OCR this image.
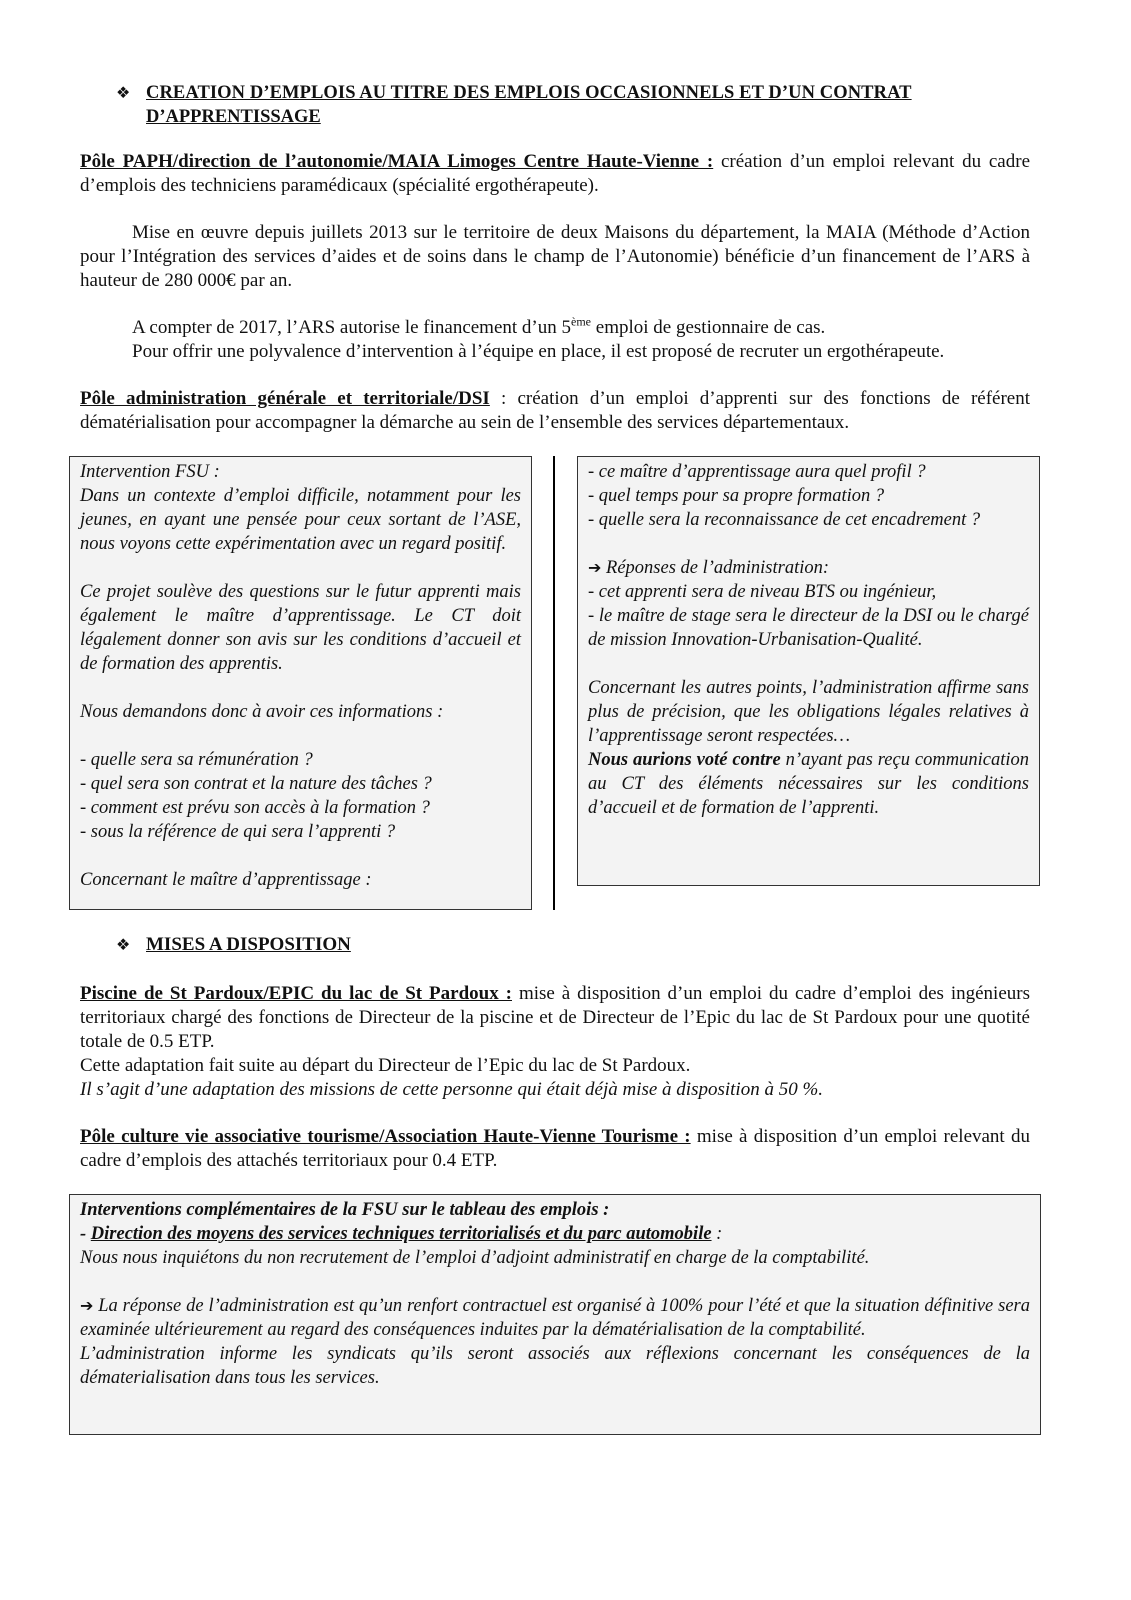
❖ CREATION D’EMPLOIS AU TITRE DES EMPLOIS OCCASIONNELS ET D’UN CONTRAT
D’APPRENTISSAGE
Pôle PAPH/direction de l’autonomie/MAIA Limoges Centre Haute-Vienne : création d’un emploi relevant du cadre d’emplois des techniciens paramédicaux (spécialité ergothérapeute).
Mise en œuvre depuis juillets 2013 sur le territoire de deux Maisons du département, la MAIA (Méthode d’Action pour l’Intégration des services d’aides et de soins dans le champ de l’Autonomie) bénéficie d’un financement de l’ARS à hauteur de 280 000€ par an.
A compter de 2017, l’ARS autorise le financement d’un 5ème emploi de gestionnaire de cas.
Pour offrir une polyvalence d’intervention à l’équipe en place, il est proposé de recruter un ergothérapeute.
Pôle administration générale et territoriale/DSI : création d’un emploi d’apprenti sur des fonctions de référent dématérialisation pour accompagner la démarche au sein de l’ensemble des services départementaux.

Intervention FSU :

Dans un contexte d’emploi difficile, notamment pour les jeunes, en ayant une pensée pour ceux sortant de l’ASE, nous voyons cette expérimentation avec un regard positif.

Ce projet soulève des questions sur le futur apprenti mais également le maître d’apprentissage. Le CT doit légalement donner son avis sur les conditions d’accueil et de formation des apprentis.

Nous demandons donc à avoir ces informations :

- quelle sera sa rémunération ?

- quel sera son contrat et la nature des tâches ?

- comment est prévu son accès à la formation ?

- sous la référence de qui sera l’apprenti ?

Concernant le maître d’apprentissage :

- ce maître d’apprentissage aura quel profil ?

- quel temps pour sa propre formation ?

- quelle sera la reconnaissance de cet encadrement ?

➔ Réponses de l’administration:

- cet apprenti sera de niveau BTS ou ingénieur,

- le maître de stage sera le directeur de la DSI ou le chargé de mission Innovation-Urbanisation-Qualité.

Concernant les autres points, l’administration affirme sans plus de précision, que les obligations légales relatives à l’apprentissage seront respectées…

Nous aurions voté contre n’ayant pas reçu communication au CT des éléments nécessaires sur les conditions d’accueil et de formation de l’apprenti.

❖ MISES A DISPOSITION
Piscine de St Pardoux/EPIC du lac de St Pardoux : mise à disposition d’un emploi du cadre d’emploi des ingénieurs territoriaux chargé des fonctions de Directeur de la piscine et de Directeur de l’Epic du lac de St Pardoux pour une quotité totale de 0.5 ETP.
Cette adaptation fait suite au départ du Directeur de l’Epic du lac de St Pardoux.
Il s’agit d’une adaptation des missions de cette personne qui était déjà mise à disposition à 50 %.
Pôle culture vie associative tourisme/Association Haute-Vienne Tourisme : mise à disposition d’un emploi relevant du cadre d’emplois des attachés territoriaux pour 0.4 ETP.

Interventions complémentaires de la FSU sur le tableau des emplois :

- Direction des moyens des services techniques territorialisés et du parc automobile :

Nous nous inquiétons du non recrutement de l’emploi d’adjoint administratif en charge de la comptabilité.

➔ La réponse de l’administration est qu’un renfort contractuel est organisé à 100% pour l’été et que la situation définitive sera examinée ultérieurement au regard des conséquences induites par la dématérialisation de la comptabilité.

L’administration informe les syndicats qu’ils seront associés aux réflexions concernant les conséquences de la dématerialisation dans tous les services.
